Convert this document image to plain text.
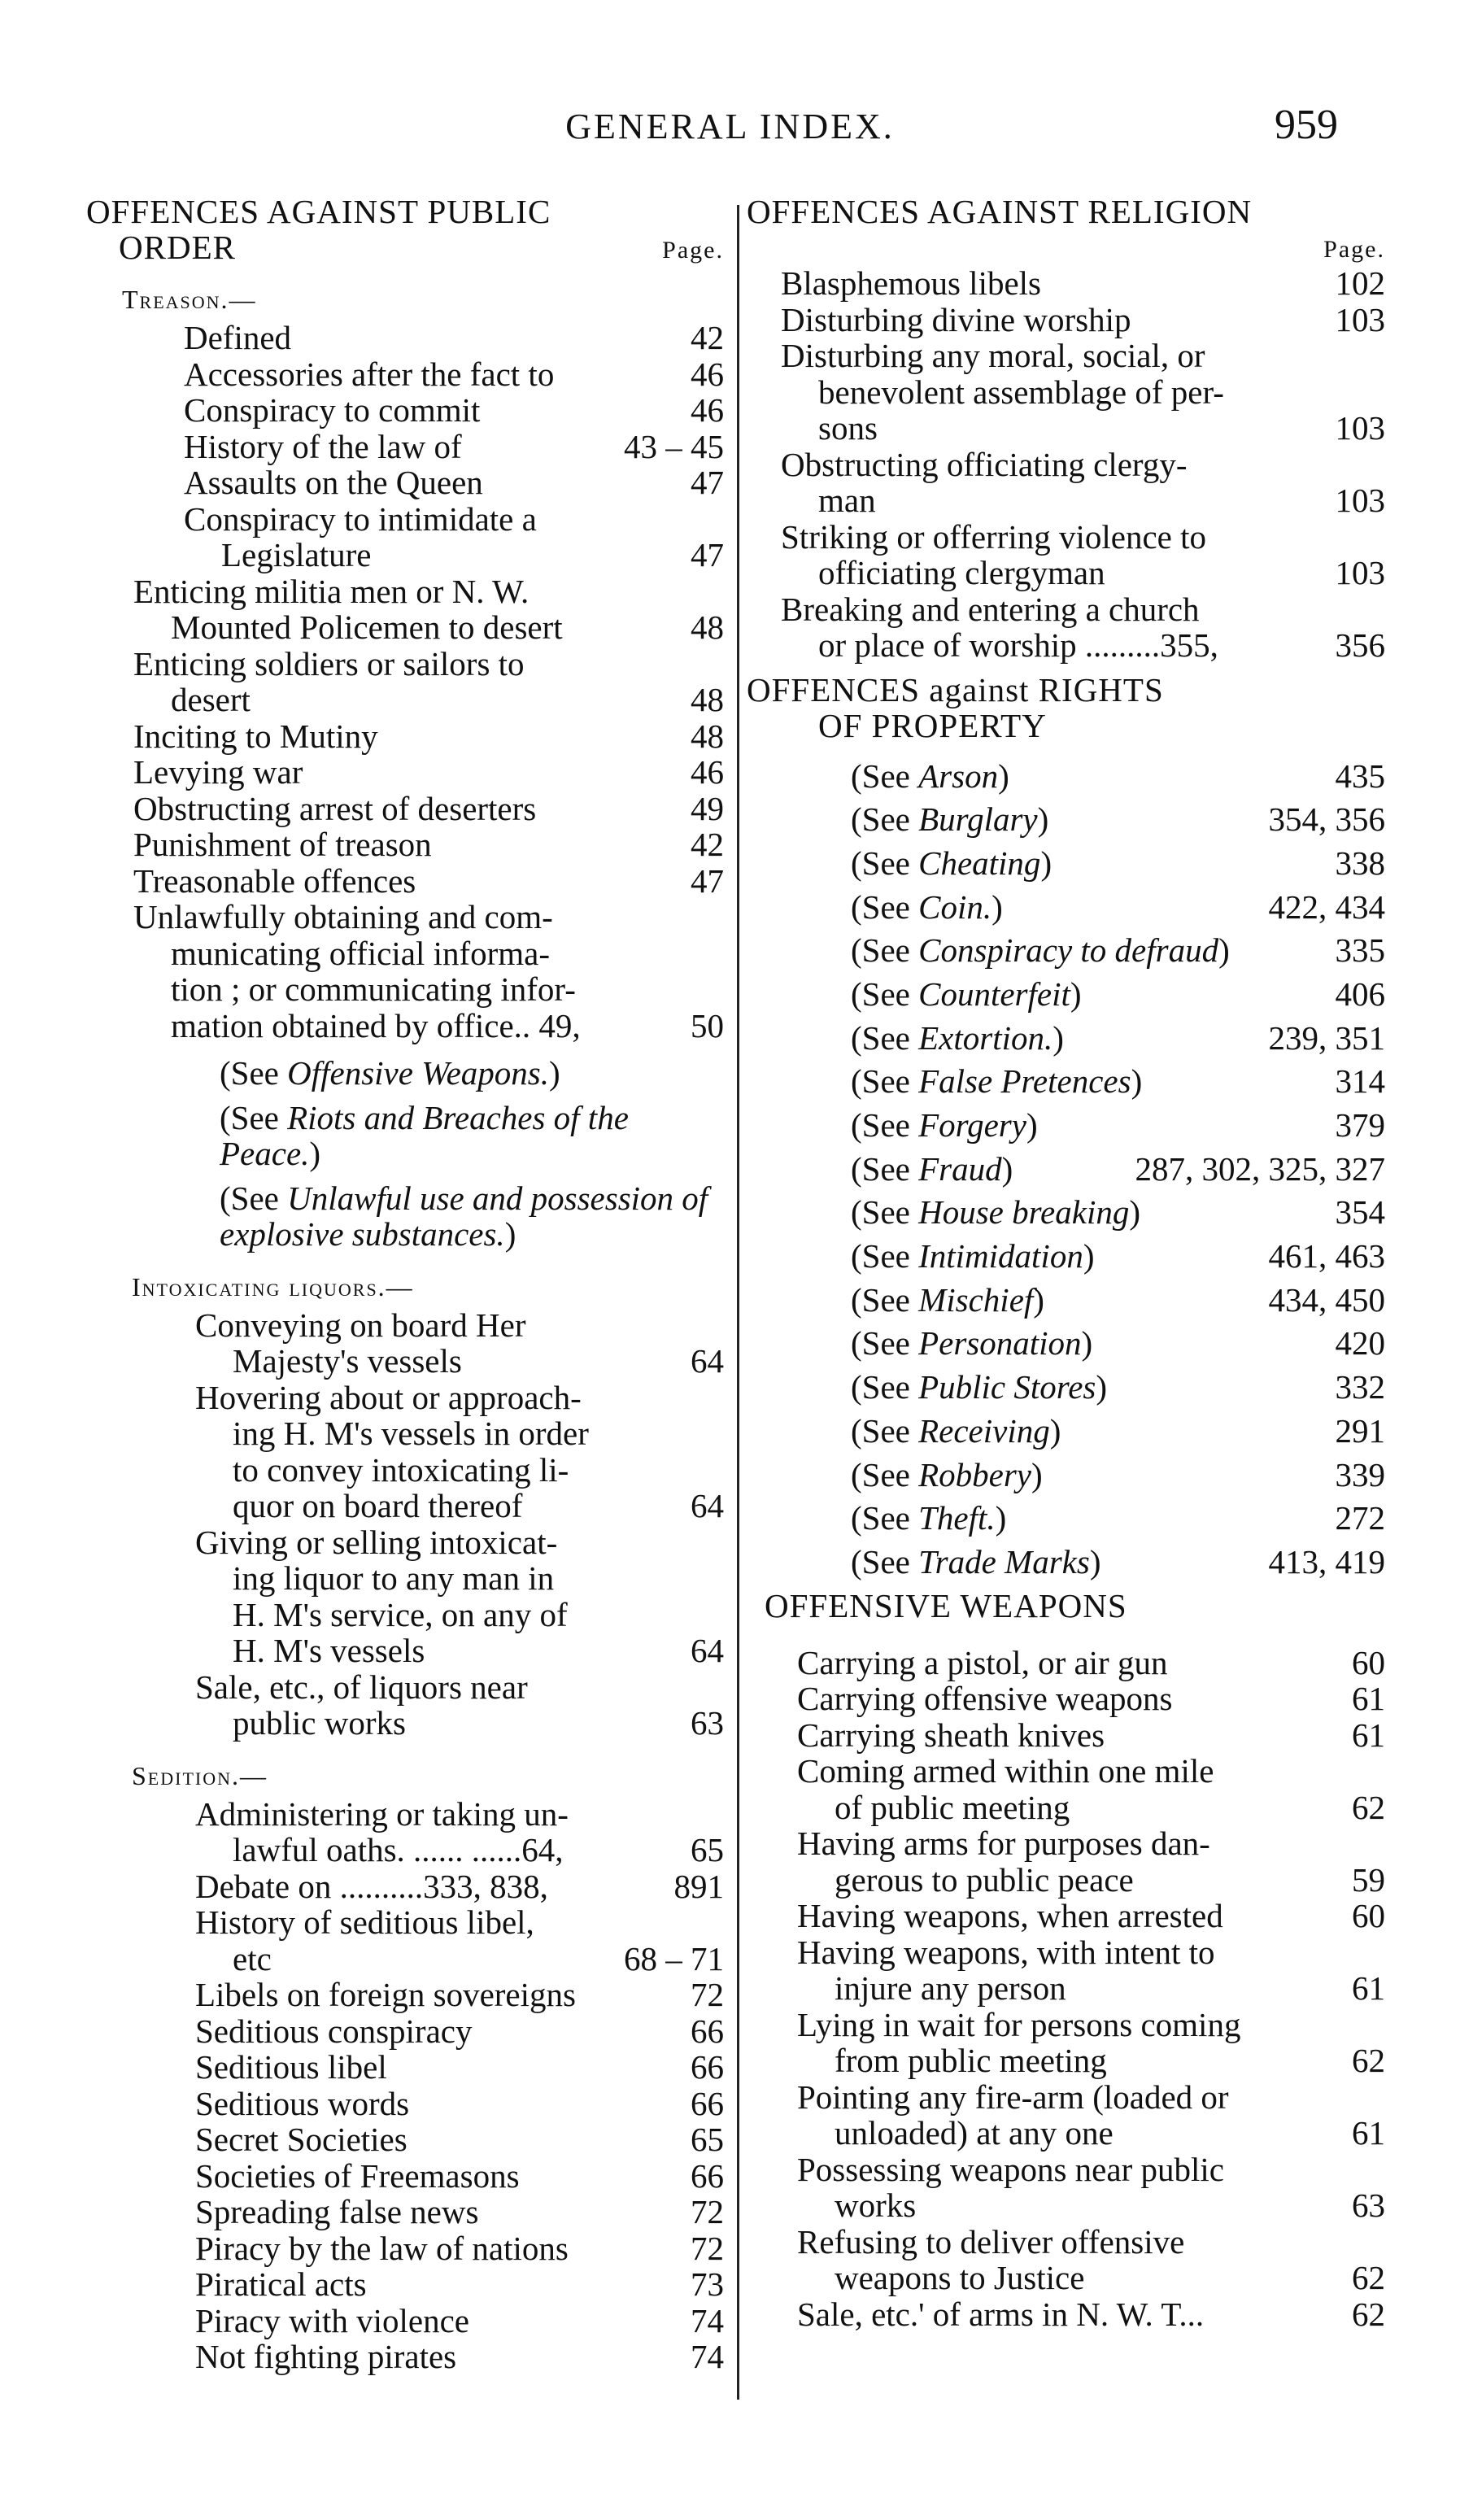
GENERAL INDEX.	959
OFFENCES AGAINST PUBLIC
ORDER	Page.
Treason.—
Defined	42
Accessories after the fact to	46
Conspiracy to commit	46
History of the law of	43 – 45
Assaults on the Queen	47
Conspiracy to intimidate a
Legislature	47
Enticing militia men or N. W.
Mounted Policemen to desert	48
Enticing soldiers or sailors to
desert	48
Inciting to Mutiny	48
Levying war	46
Obstructing arrest of deserters	49
Punishment of treason	42
Treasonable offences	47
Unlawfully obtaining and com-
municating official informa-
tion ; or communicating infor-
mation obtained by office.. 49,	50
(See Offensive Weapons.)
(See Riots and Breaches of the Peace.)
(See Unlawful use and possession of explosive substances.)
Intoxicating liquors.—
Conveying on board Her
Majesty's vessels	64
Hovering about or approach-
ing H. M's vessels in order
to convey intoxicating li-
quor on board thereof	64
Giving or selling intoxicat-
ing liquor to any man in
H. M's service, on any of
H. M's vessels	64
Sale, etc., of liquors near
public works	63
Sedition.—
Administering or taking un-
lawful oaths. ...... ......64,	65
Debate on ..........333, 838,	891
History of seditious libel,
etc	68 – 71
Libels on foreign sovereigns	72
Seditious conspiracy	66
Seditious libel	66
Seditious words	66
Secret Societies	65
Societies of Freemasons	66
Spreading false news	72
Piracy by the law of nations	72
Piratical acts	73
Piracy with violence	74
Not fighting pirates	74
OFFENCES AGAINST RELIGION
Page.
Blasphemous libels	102
Disturbing divine worship	103
Disturbing any moral, social, or
benevolent assemblage of per-
sons	103
Obstructing officiating clergy-
man	103
Striking or offerring violence to
officiating clergyman	103
Breaking and entering a church
or place of worship .........355,	356
OFFENCES against RIGHTS
OF PROPERTY
(See Arson)	435
(See Burglary)	354, 356
(See Cheating)	338
(See Coin.)	422, 434
(See Conspiracy to defraud)	335
(See Counterfeit)	406
(See Extortion.)	239, 351
(See False Pretences)	314
(See Forgery)	379
(See Fraud)	287, 302, 325, 327
(See House breaking)	354
(See Intimidation)	461, 463
(See Mischief)	434, 450
(See Personation)	420
(See Public Stores)	332
(See Receiving)	291
(See Robbery)	339
(See Theft.)	272
(See Trade Marks)	413, 419
OFFENSIVE WEAPONS
Carrying a pistol, or air gun	60
Carrying offensive weapons	61
Carrying sheath knives	61
Coming armed within one mile
of public meeting	62
Having arms for purposes dan-
gerous to public peace	59
Having weapons, when arrested	60
Having weapons, with intent to
injure any person	61
Lying in wait for persons coming
from public meeting	62
Pointing any fire-arm (loaded or
unloaded) at any one	61
Possessing weapons near public
works	63
Refusing to deliver offensive
weapons to Justice	62
Sale, etc.' of arms in N. W. T...	62
